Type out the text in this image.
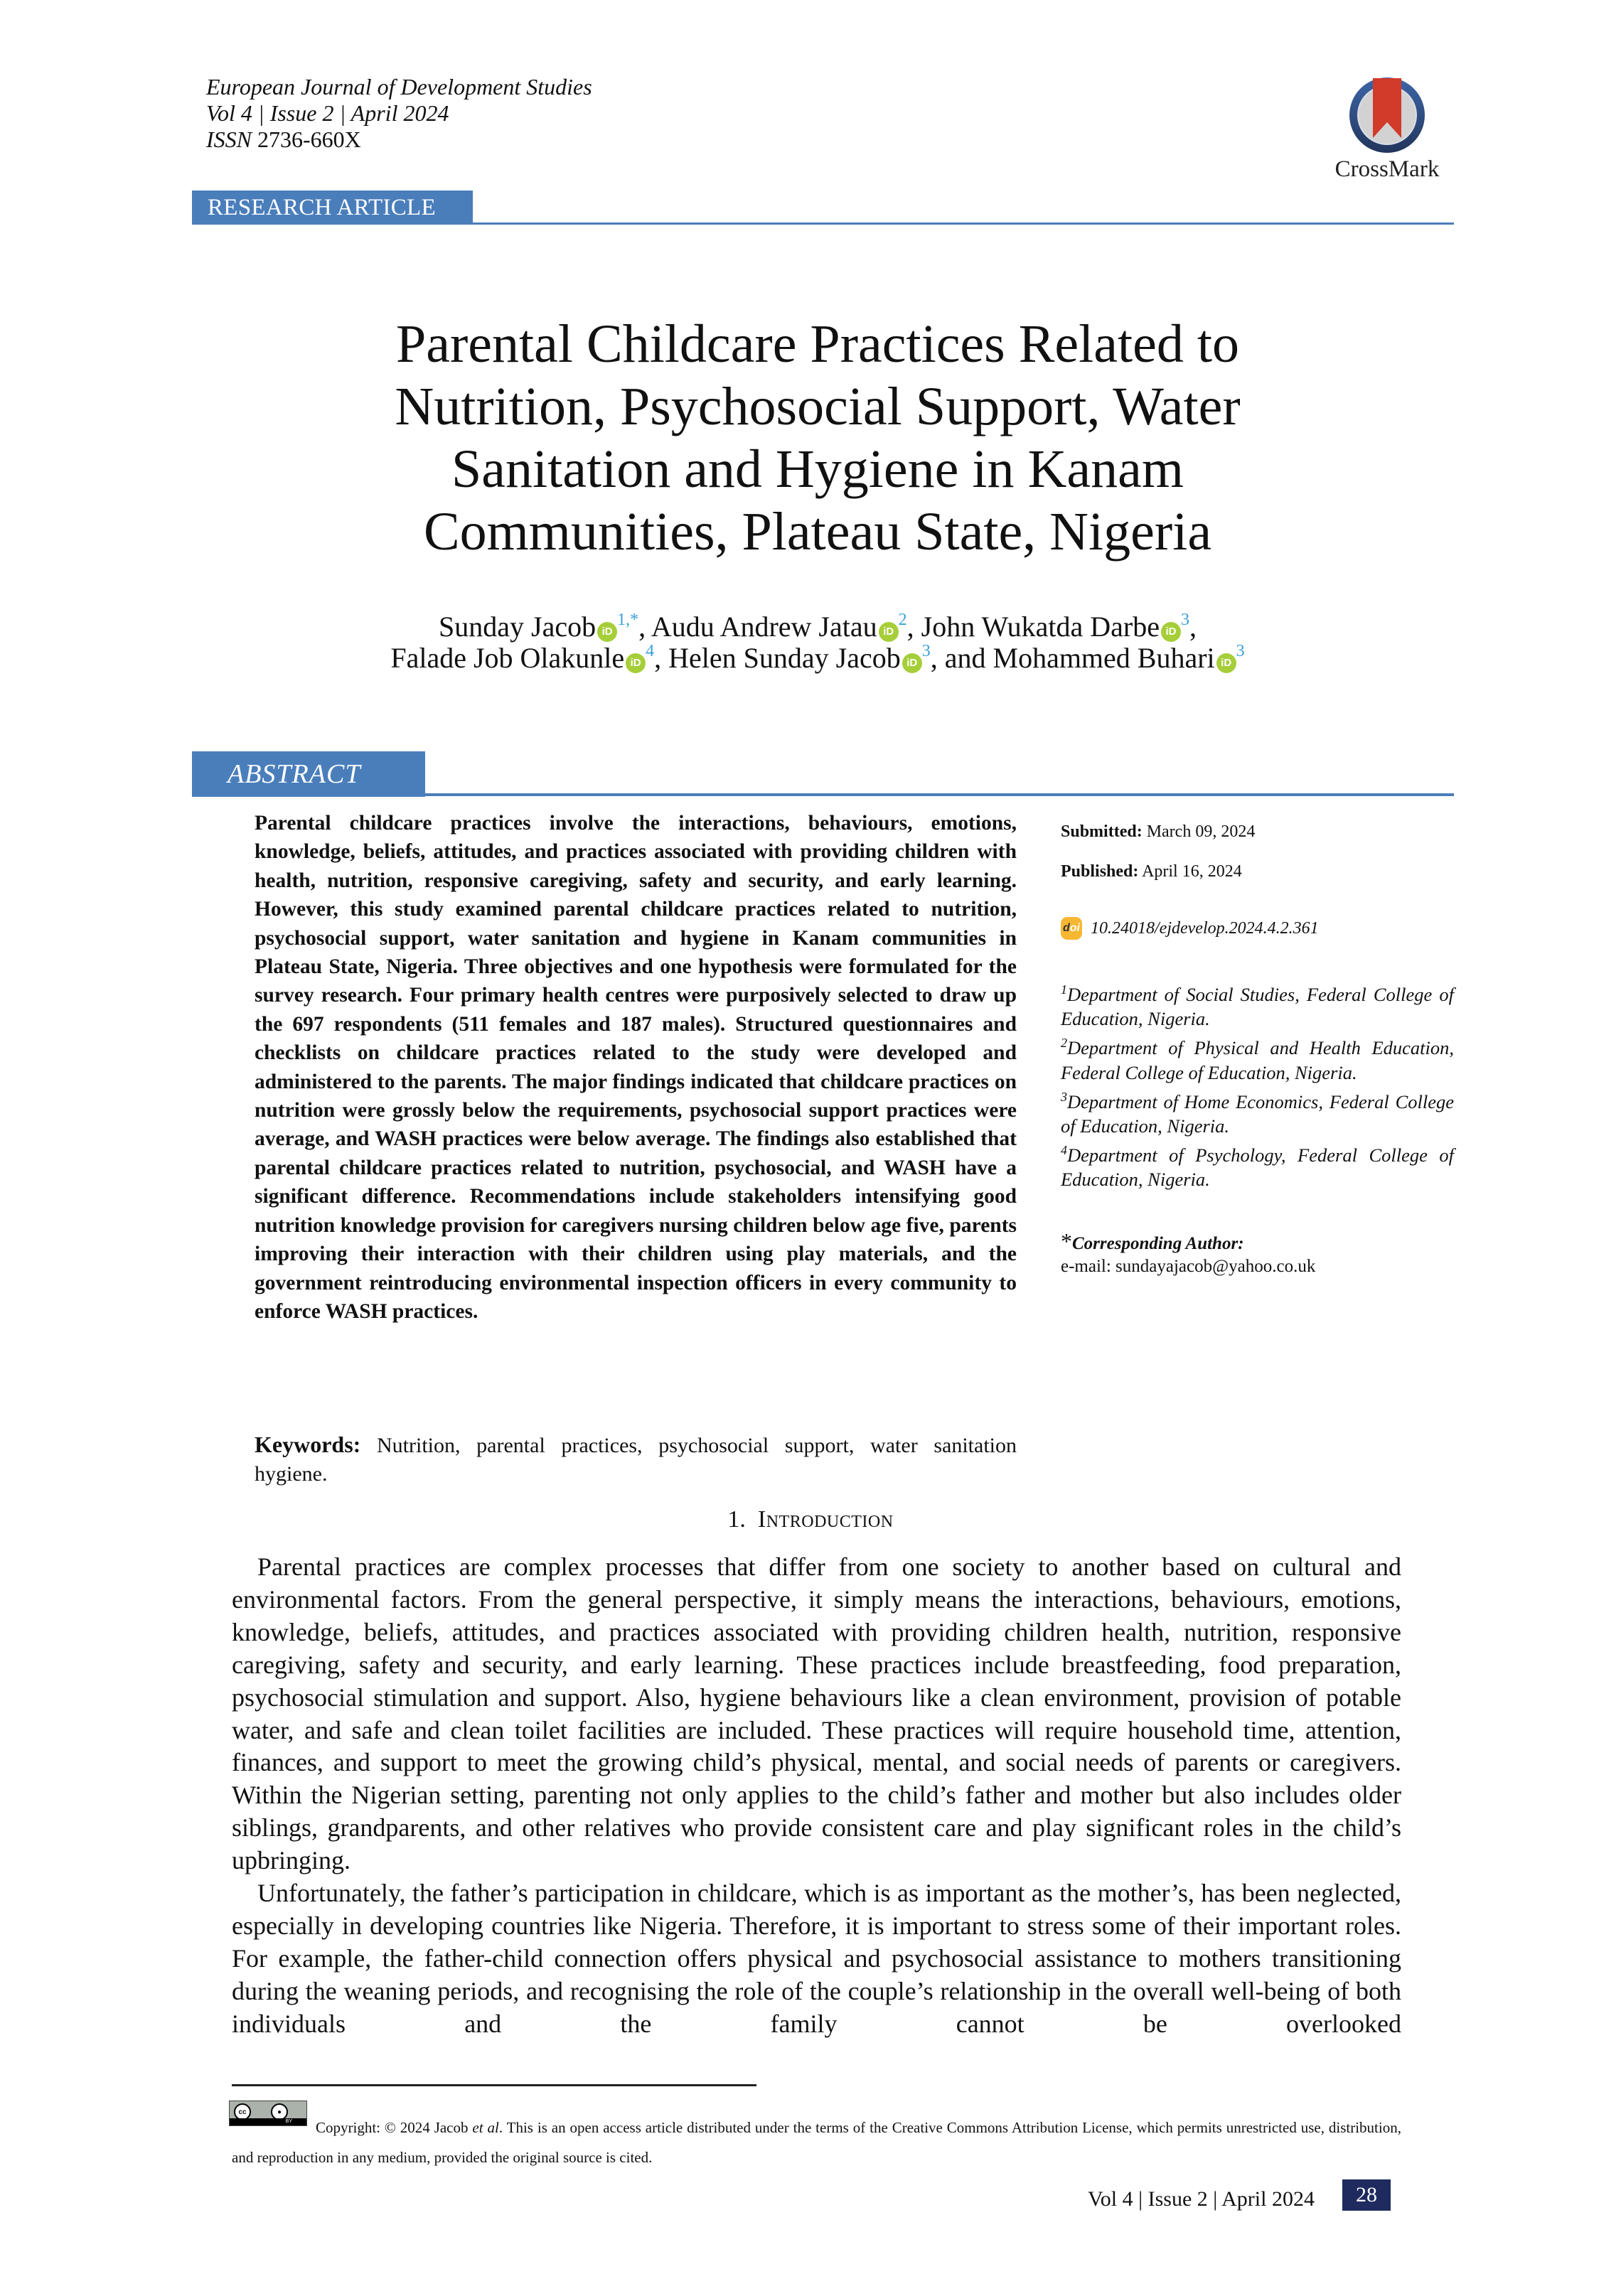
European Journal of Development Studies
Vol 4 | Issue 2 | April 2024
ISSN 2736-660X
RESEARCH ARTICLE
CrossMark
Parental Childcare Practices Related to
Nutrition, Psychosocial Support, Water
Sanitation and Hygiene in Kanam
Communities, Plateau State, Nigeria
Sunday Jacob iD$^{1,*}$, Audu Andrew Jatau iD$^2$, John Wukatda Darbe iD$^3$,
Falade Job Olakunle iD$^4$, Helen Sunday Jacob iD$^3$, and Mohammed Buhari iD$^3$
ABSTRACT
Parental childcare practices involve the interactions, behaviours, emotions, knowledge, beliefs, attitudes, and practices associated with providing children with health, nutrition, responsive caregiving, safety and security, and early learning. However, this study examined parental childcare practices related to nutrition, psychosocial support, water sanitation and hygiene in Kanam communities in Plateau State, Nigeria. Three objectives and one hypothesis were formulated for the survey research. Four primary health centres were purposively selected to draw up the 697 respondents (511 females and 187 males). Structured questionnaires and checklists on childcare practices related to the study were developed and administered to the parents. The major findings indicated that childcare practices on nutrition were grossly below the requirements, psychosocial support practices were average, and WASH practices were below average. The findings also established that parental childcare practices related to nutrition, psychosocial, and WASH have a significant difference. Recommendations include stakeholders intensifying good nutrition knowledge provision for caregivers nursing children below age five, parents improving their interaction with their children using play materials, and the government reintroducing environmental inspection officers in every community to enforce WASH practices.
Keywords: Nutrition, parental practices, psychosocial support, water sanitation hygiene.
Submitted: March 09, 2024
Published: April 16, 2024
doi 10.24018/ejdevelop.2024.4.2.361
$^1$Department of Social Studies, Federal College of Education, Nigeria.
$^2$Department of Physical and Health Education, Federal College of Education, Nigeria.
$^3$Department of Home Economics, Federal College of Education, Nigeria.
$^4$Department of Psychology, Federal College of Education, Nigeria.
*Corresponding Author:
e-mail: sundayajacob@yahoo.co.uk
1. Introduction

Parental practices are complex processes that differ from one society to another based on cultural and environmental factors. From the general perspective, it simply means the interactions, behaviours, emotions, knowledge, beliefs, attitudes, and practices associated with providing children health, nutrition, responsive caregiving, safety and security, and early learning. These practices include breastfeeding, food preparation, psychosocial stimulation and support. Also, hygiene behaviours like a clean environment, provision of potable water, and safe and clean toilet facilities are included. These practices will require household time, attention, finances, and support to meet the growing child’s physical, mental, and social needs of parents or caregivers. Within the Nigerian setting, parenting not only applies to the child’s father and mother but also includes older siblings, grandparents, and other relatives who provide consistent care and play significant roles in the child’s upbringing.

Unfortunately, the father’s participation in childcare, which is as important as the mother’s, has been neglected, especially in developing countries like Nigeria. Therefore, it is important to stress some of their important roles. For example, the father-child connection offers physical and psychosocial assistance to mothers transitioning during the weaning periods, and recognising the role of the couple’s relationship in the overall well-being of both individuals and the family cannot be overlooked

cc	●
BY	Copyright: © 2024 Jacob et al. This is an open access article distributed under the terms of the Creative Commons Attribution License, which permits unrestricted use, distribution, and reproduction in any medium, provided the original source is cited.
Vol 4 | Issue 2 | April 2024	28
